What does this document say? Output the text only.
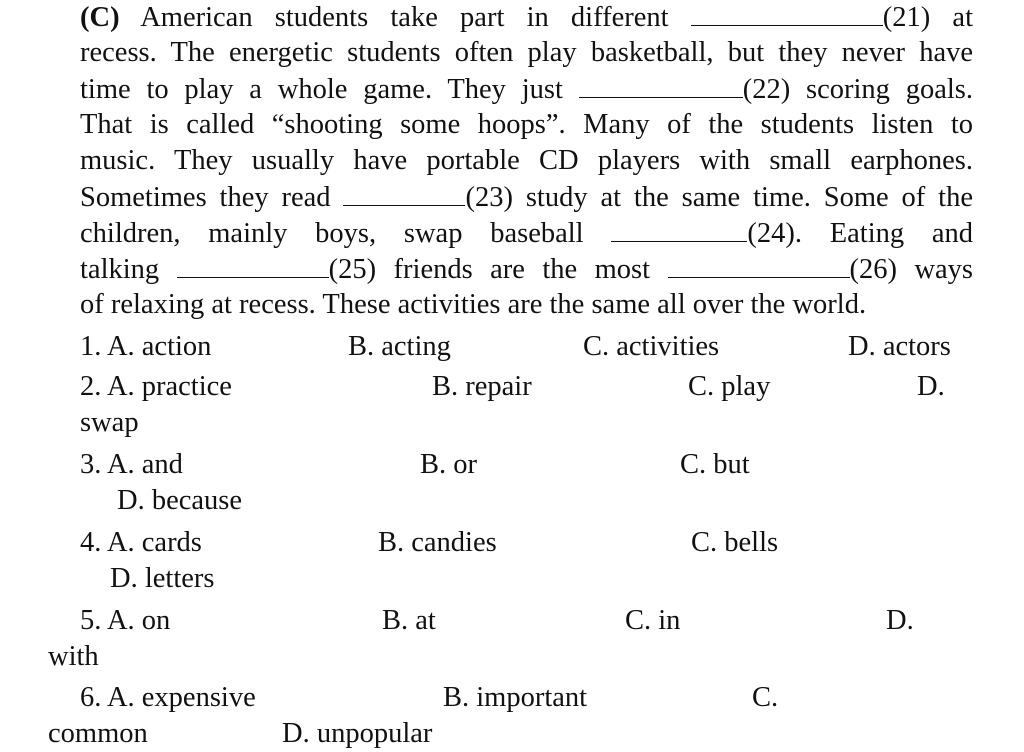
(C) American students take part in different	(21) at
recess. The energetic students often play basketball, but they never have
time to play a whole game. They just	(22) scoring goals.
That is called “shooting some hoops”. Many of the students listen to
music. They usually have portable CD players with small earphones.
Sometimes they read	(23) study at the same time. Some of the
children, mainly boys, swap baseball	(24). Eating and
talking	(25) friends are the most	(26) ways
of relaxing at recess. These activities are the same all over the world.
1. A. action	B. acting	C. activities	D. actors
2. A. practice	B. repair	C. play	D.
swap
3. A. and	B. or	C. but
D. because
4. A. cards	B. candies	C. bells
D. letters
5. A. on	B. at	C. in	D.
with
6. A. expensive	B. important	C.
common	D. unpopular
